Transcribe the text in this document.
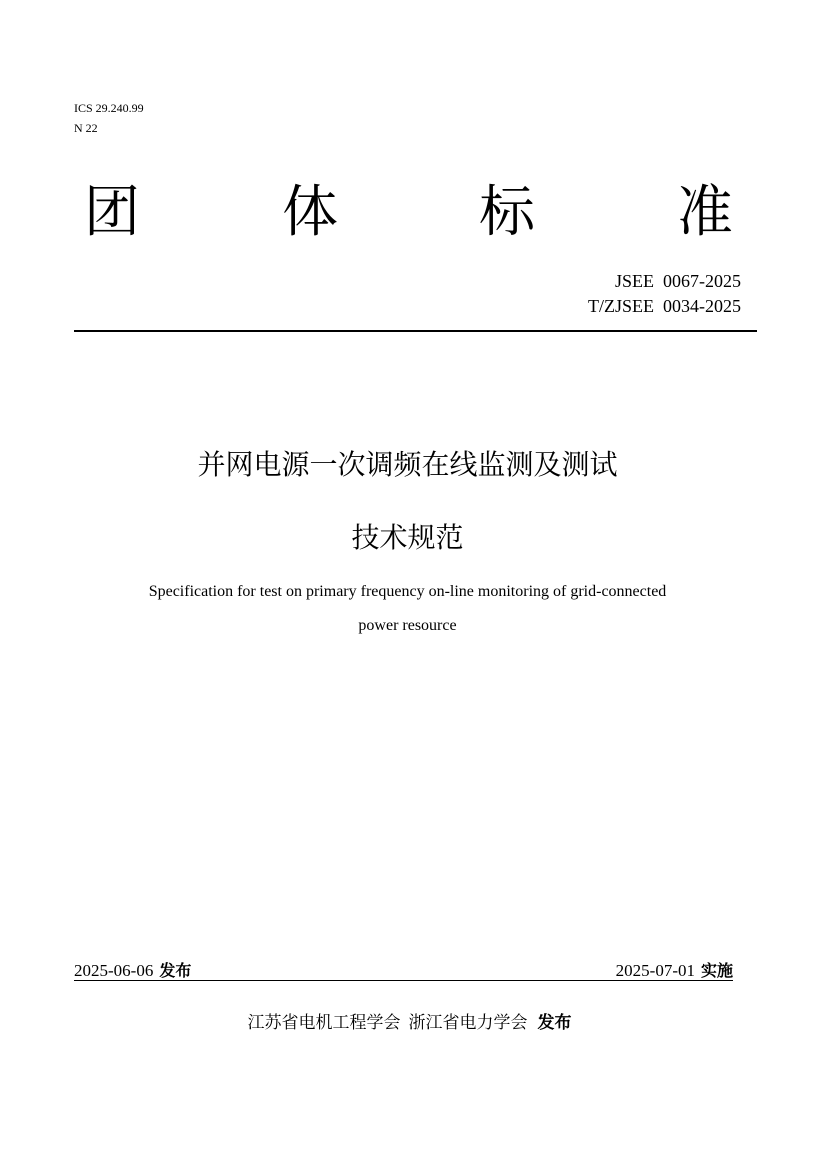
ICS 29.240.99
N 22
团	体	标	准
JSEE  0067-2025
T/ZJSEE  0034-2025
并网电源一次调频在线监测及测试
技术规范
Specification for test on primary frequency on-line monitoring of grid-connected
power resource
2025-06-06 发布	2025-07-01 实施
江苏省电机工程学会 浙江省电力学会 发布
